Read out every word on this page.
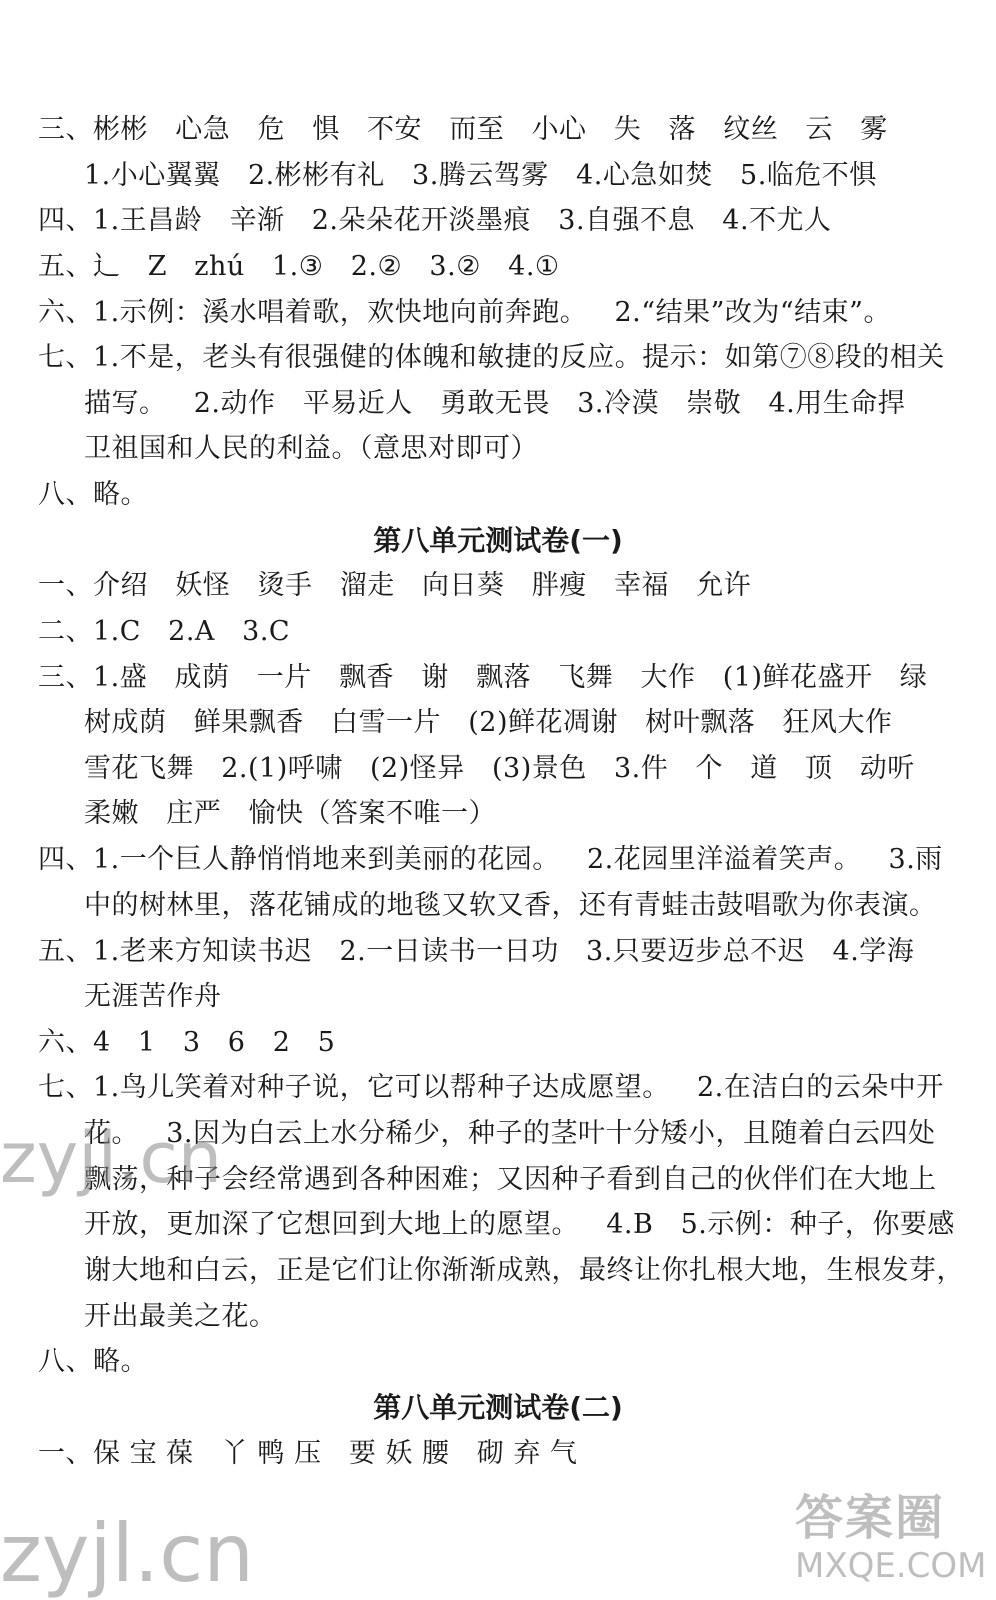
三、彬彬   心急   危   惧   不安   而至   小心   失   落   纹丝   云   雾
1.小心翼翼   2.彬彬有礼   3.腾云驾雾   4.心急如焚   5.临危不惧
四、1.王昌龄   辛渐   2.朵朵花开淡墨痕   3.自强不息   4.不尤人
五、辶   Z   zhú   1.③   2.②   3.②   4.①
六、1.示例：溪水唱着歌，欢快地向前奔跑。   2.“结果”改为“结束”。
七、1.不是，老头有很强健的体魄和敏捷的反应。提示：如第⑦⑧段的相关
描写。   2.动作   平易近人   勇敢无畏   3.冷漠   崇敬   4.用生命捍
卫祖国和人民的利益。（意思对即可）
八、略。
第八单元测试卷(一)
一、介绍   妖怪   烫手   溜走   向日葵   胖瘦   幸福   允许
二、1.C   2.A   3.C
三、1.盛   成荫   一片   飘香   谢   飘落   飞舞   大作   (1)鲜花盛开   绿
树成荫   鲜果飘香   白雪一片   (2)鲜花凋谢   树叶飘落   狂风大作
雪花飞舞   2.(1)呼啸   (2)怪异   (3)景色   3.件   个   道   顶   动听
柔嫩   庄严   愉快（答案不唯一）
四、1.一个巨人静悄悄地来到美丽的花园。   2.花园里洋溢着笑声。   3.雨
中的树林里，落花铺成的地毯又软又香，还有青蛙击鼓唱歌为你表演。
五、1.老来方知读书迟   2.一日读书一日功   3.只要迈步总不迟   4.学海
无涯苦作舟
六、4   1   3   6   2   5
七、1.鸟儿笑着对种子说，它可以帮种子达成愿望。   2.在洁白的云朵中开
花。   3.因为白云上水分稀少，种子的茎叶十分矮小，且随着白云四处
飘荡，种子会经常遇到各种困难；又因种子看到自己的伙伴们在大地上
开放，更加深了它想回到大地上的愿望。   4.B   5.示例：种子，你要感
谢大地和白云，正是它们让你渐渐成熟，最终让你扎根大地，生根发芽，
开出最美之花。
八、略。
第八单元测试卷(二)
一、保 宝 葆   丫 鸭 压   要 妖 腰   砌 弃 气
zyjl.cn
zyjl.cn

	答案圈

MXQE.COM
